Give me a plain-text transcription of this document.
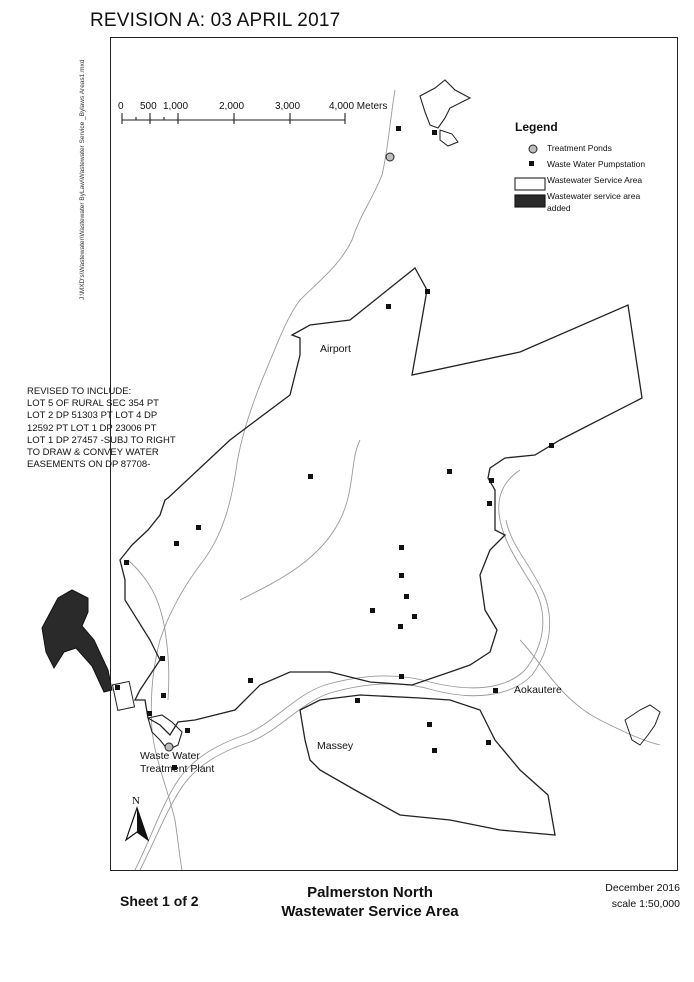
REVISION A: 03 APRIL 2017
J:\MXD's\Wastewater\Wastewater ByLaw\Wastewater Service _Bylaws Areas1.mxd	0 500 1,000	2,000	3,000	4,000 Meters
Legend
Treatment Ponds
Waste Water Pumpstation
Wastewater Service Area
Wastewater service area added
REVISED TO INCLUDE:
LOT 5 OF RURAL SEC 354 PT
LOT 2 DP 51303 PT LOT 4 DP
12592 PT LOT 1 DP 23006 PT
LOT 1 DP 27457 -SUBJ TO RIGHT
TO DRAW & CONVEY WATER
EASEMENTS ON DP 87708-
Airport
Aokautere
Massey
Waste Water
Treatment Plant
N
Sheet 1 of 2	Palmerston North
Wastewater Service Area
December 2016
scale 1:50,000
